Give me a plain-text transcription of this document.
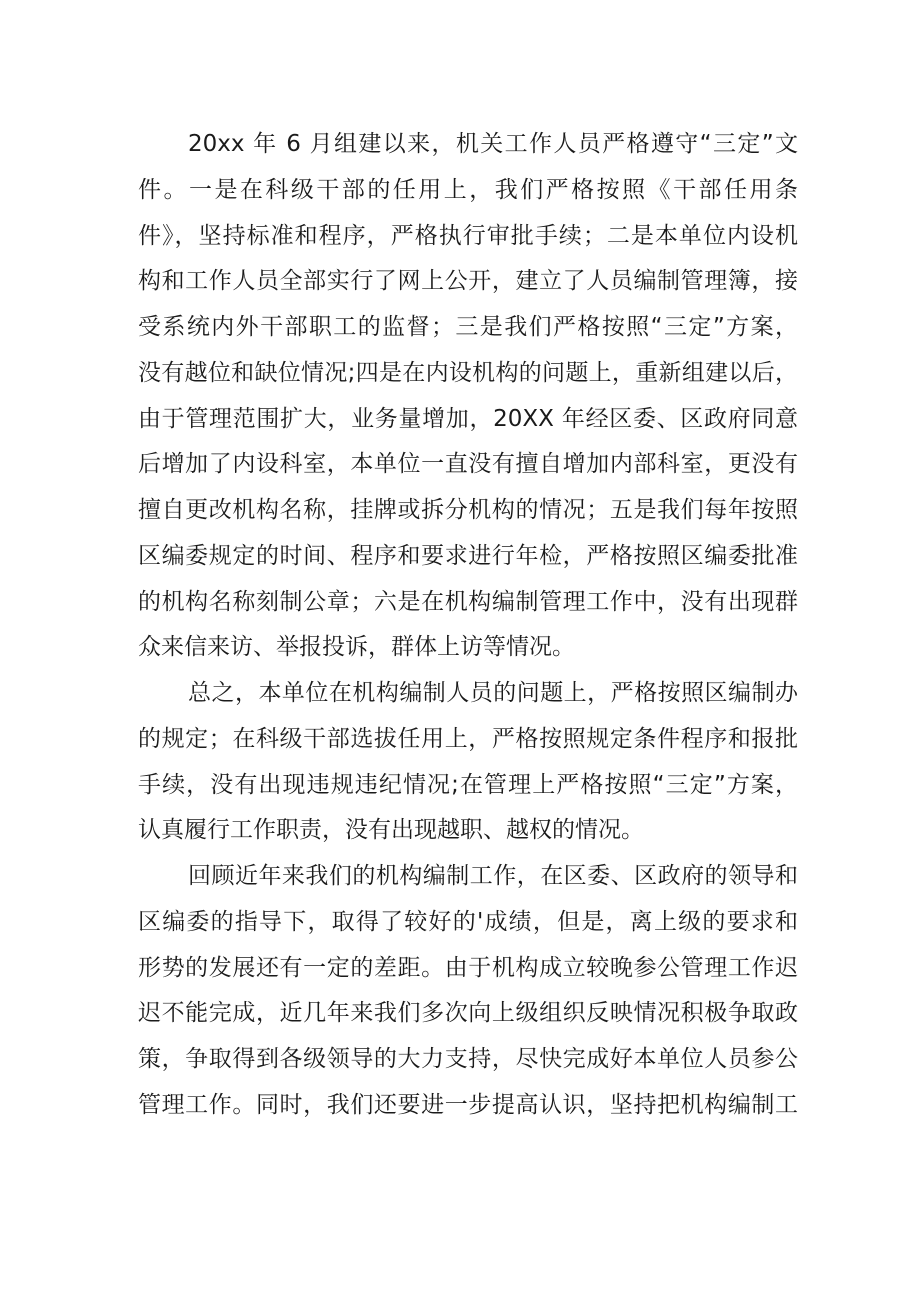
20xx 年 6 月组建以来，机关工作人员严格遵守“三定”文
件。一是在科级干部的任用上，我们严格按照《干部任用条
件》，坚持标准和程序，严格执行审批手续；二是本单位内设机
构和工作人员全部实行了网上公开，建立了人员编制管理簿，接
受系统内外干部职工的监督；三是我们严格按照“三定”方案，
没有越位和缺位情况;四是在内设机构的问题上，重新组建以后，
由于管理范围扩大，业务量增加，20XX 年经区委、区政府同意
后增加了内设科室，本单位一直没有擅自增加内部科室，更没有
擅自更改机构名称，挂牌或拆分机构的情况；五是我们每年按照
区编委规定的时间、程序和要求进行年检，严格按照区编委批准
的机构名称刻制公章；六是在机构编制管理工作中，没有出现群
众来信来访、举报投诉，群体上访等情况。
总之，本单位在机构编制人员的问题上，严格按照区编制办
的规定；在科级干部选拔任用上，严格按照规定条件程序和报批
手续，没有出现违规违纪情况;在管理上严格按照“三定”方案，
认真履行工作职责，没有出现越职、越权的情况。
回顾近年来我们的机构编制工作，在区委、区政府的领导和
区编委的指导下，取得了较好的'成绩，但是，离上级的要求和
形势的发展还有一定的差距。由于机构成立较晚参公管理工作迟
迟不能完成，近几年来我们多次向上级组织反映情况积极争取政
策，争取得到各级领导的大力支持，尽快完成好本单位人员参公
管理工作。同时，我们还要进一步提高认识，坚持把机构编制工
